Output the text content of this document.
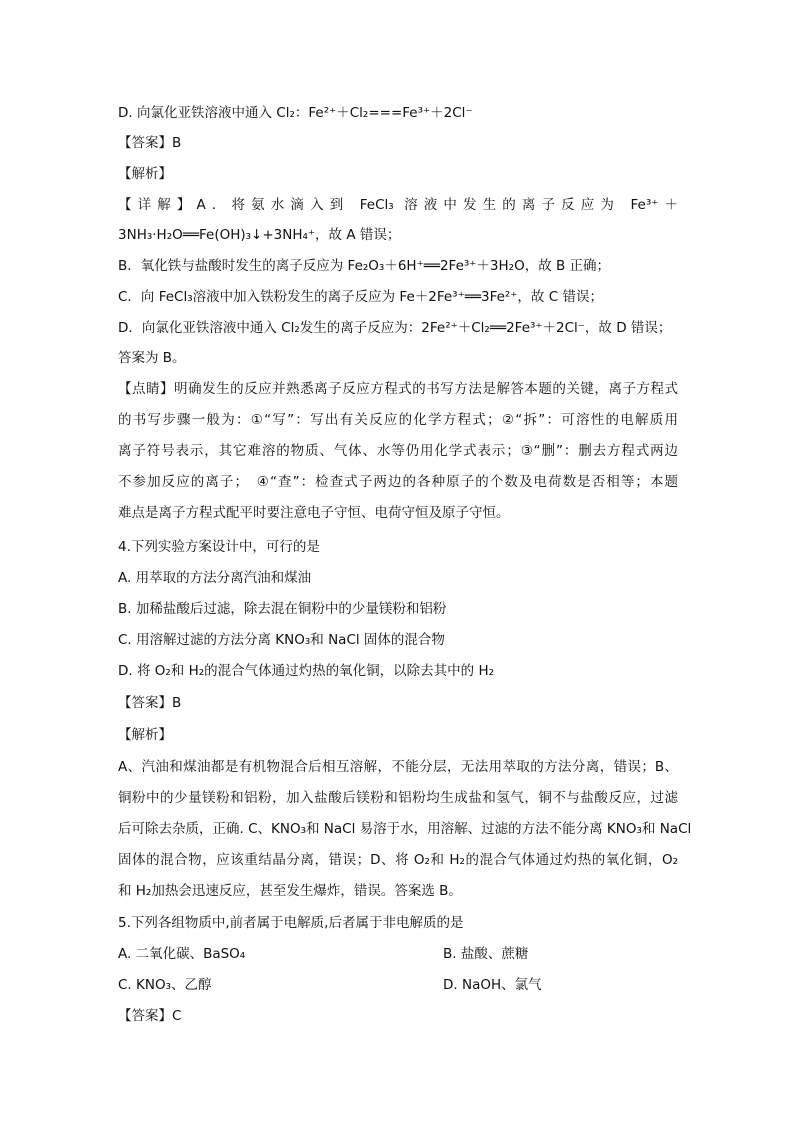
D. 向氯化亚铁溶液中通入 Cl₂：Fe²⁺＋Cl₂===Fe³⁺＋2Cl⁻
【答案】B
【解析】
【详解】A．将氨水滴入到 FeCl₃ 溶液中发生的离子反应为 Fe³⁺＋
3NH₃·H₂O══Fe(OH)₃↓+3NH₄⁺，故 A 错误；
B．氧化铁与盐酸时发生的离子反应为 Fe₂O₃＋6H⁺══2Fe³⁺＋3H₂O，故 B 正确；
C．向 FeCl₃溶液中加入铁粉发生的离子反应为 Fe＋2Fe³⁺══3Fe²⁺，故 C 错误；
D．向氯化亚铁溶液中通入 Cl₂发生的离子反应为：2Fe²⁺＋Cl₂══2Fe³⁺＋2Cl⁻，故 D 错误；
答案为 B。
【点睛】明确发生的反应并熟悉离子反应方程式的书写方法是解答本题的关键，离子方程式
的书写步骤一般为：①“写”：写出有关反应的化学方程式；②“拆”：可溶性的电解质用
离子符号表示，其它难溶的物质、气体、水等仍用化学式表示；③“删”：删去方程式两边
不参加反应的离子；　④“查”：检查式子两边的各种原子的个数及电荷数是否相等；本题
难点是离子方程式配平时要注意电子守恒、电荷守恒及原子守恒。
4.下列实验方案设计中，可行的是
A. 用萃取的方法分离汽油和煤油
B. 加稀盐酸后过滤，除去混在铜粉中的少量镁粉和铝粉
C. 用溶解过滤的方法分离 KNO₃和 NaCl 固体的混合物
D. 将 O₂和 H₂的混合气体通过灼热的氧化铜，以除去其中的 H₂
【答案】B
【解析】
A、汽油和煤油都是有机物混合后相互溶解，不能分层，无法用萃取的方法分离，错误；B、
铜粉中的少量镁粉和铝粉，加入盐酸后镁粉和铝粉均生成盐和氢气，铜不与盐酸反应，过滤
后可除去杂质，正确. C、KNO₃和 NaCl 易溶于水，用溶解、过滤的方法不能分离 KNO₃和 NaCl
固体的混合物，应该重结晶分离，错误；D、将 O₂和 H₂的混合气体通过灼热的氧化铜，O₂
和 H₂加热会迅速反应，甚至发生爆炸，错误。答案选 B。
5.下列各组物质中,前者属于电解质,后者属于非电解质的是
A. 二氧化碳、BaSO₄	B. 盐酸、蔗糖
C. KNO₃、乙醇	D. NaOH、氯气
【答案】C
